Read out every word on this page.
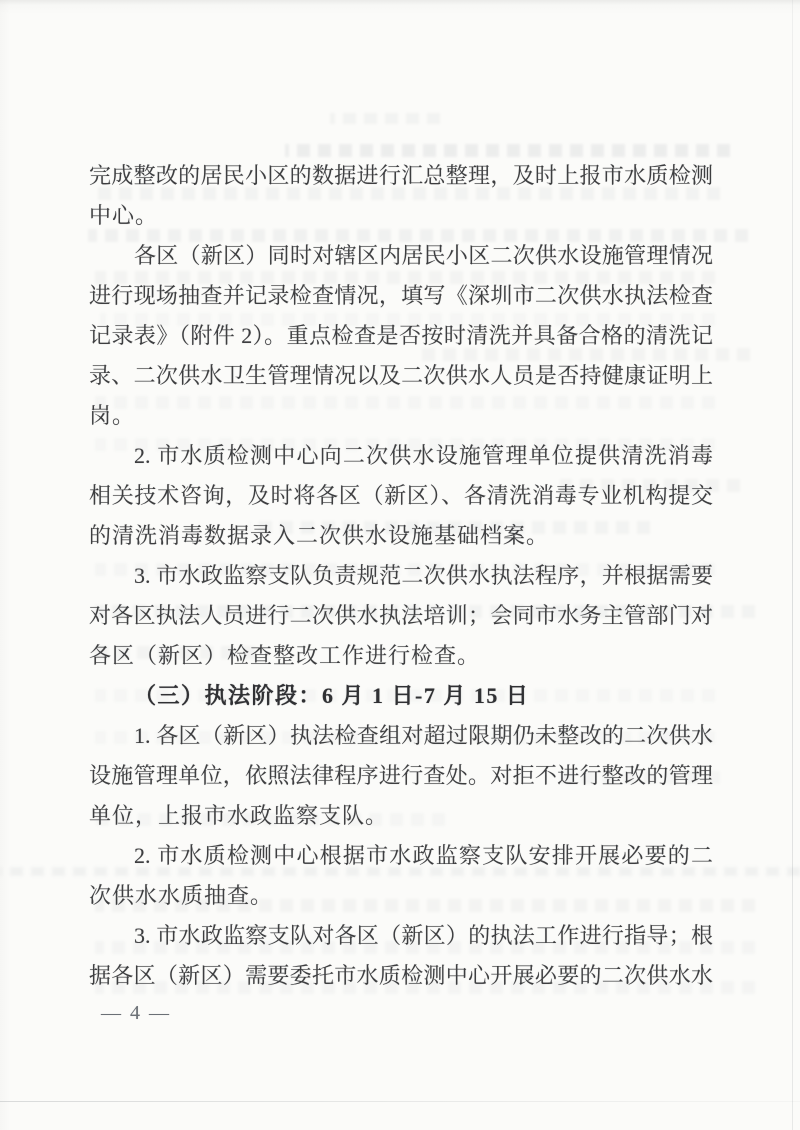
完成整改的居民小区的数据进行汇总整理，及时上报市水质检测
中心。
各区（新区）同时对辖区内居民小区二次供水设施管理情况
进行现场抽查并记录检查情况，填写《深圳市二次供水执法检查
记录表》（附件 2）。重点检查是否按时清洗并具备合格的清洗记
录、二次供水卫生管理情况以及二次供水人员是否持健康证明上
岗。
2. 市水质检测中心向二次供水设施管理单位提供清洗消毒
相关技术咨询，及时将各区（新区）、各清洗消毒专业机构提交
的清洗消毒数据录入二次供水设施基础档案。
3. 市水政监察支队负责规范二次供水执法程序，并根据需要
对各区执法人员进行二次供水执法培训；会同市水务主管部门对
各区（新区）检查整改工作进行检查。
（三）执法阶段：6 月 1 日-7 月 15 日
1. 各区（新区）执法检查组对超过限期仍未整改的二次供水
设施管理单位，依照法律程序进行查处。对拒不进行整改的管理
单位，上报市水政监察支队。
2. 市水质检测中心根据市水政监察支队安排开展必要的二
次供水水质抽查。
3. 市水政监察支队对各区（新区）的执法工作进行指导；根
据各区（新区）需要委托市水质检测中心开展必要的二次供水水
— 4 —
